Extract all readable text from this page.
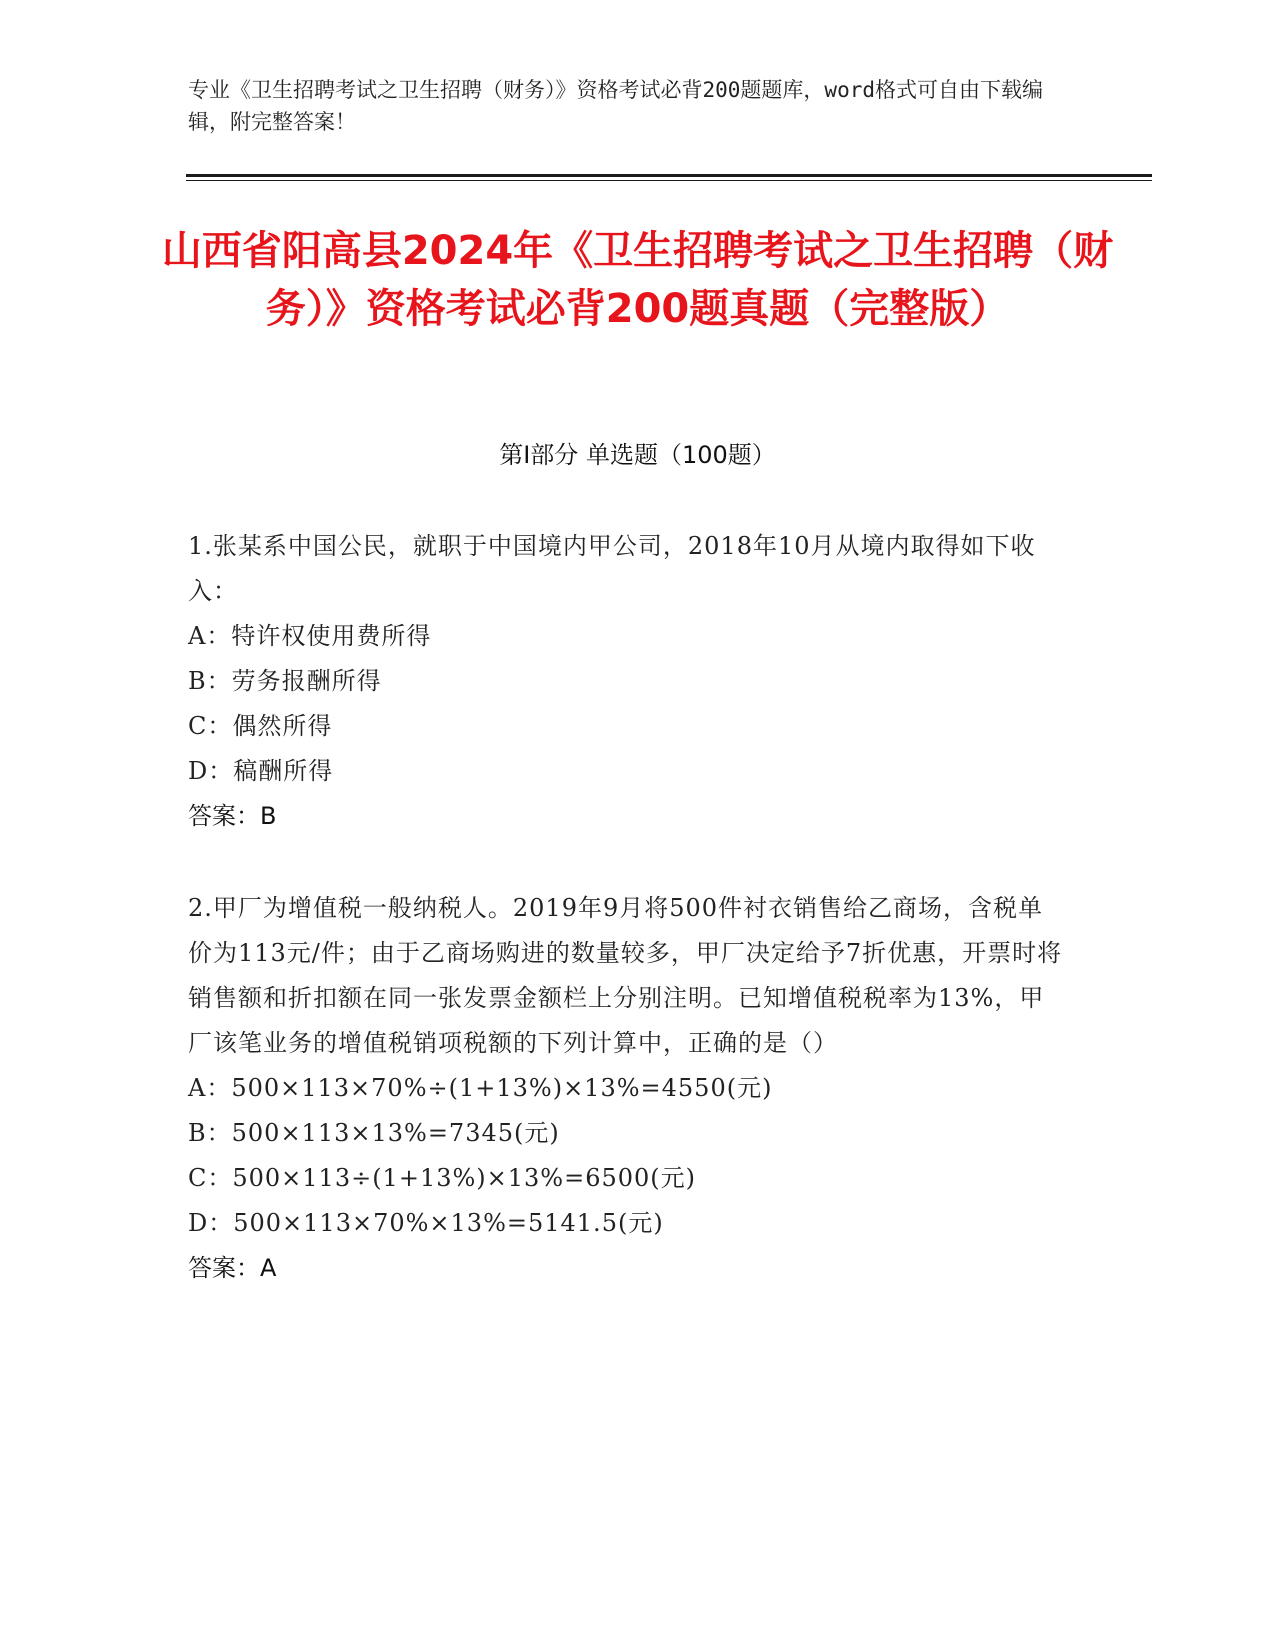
专业《卫生招聘考试之卫生招聘（财务）》资格考试必背200题题库，word格式可自由下载编辑，附完整答案！
山西省阳高县2024年《卫生招聘考试之卫生招聘（财务）》资格考试必背200题真题（完整版）
第I部分 单选题（100题）
1.张某系中国公民，就职于中国境内甲公司，2018年10月从境内取得如下收入：
A：特许权使用费所得
B：劳务报酬所得
C：偶然所得
D：稿酬所得
答案：B
2.甲厂为增值税一般纳税人。2019年9月将500件衬衣销售给乙商场，含税单价为113元/件；由于乙商场购进的数量较多，甲厂决定给予7折优惠，开票时将销售额和折扣额在同一张发票金额栏上分别注明。已知增值税税率为13%，甲厂该笔业务的增值税销项税额的下列计算中，正确的是（）
A：500×113×70%÷(1+13%)×13%=4550(元)
B：500×113×13%=7345(元)
C：500×113÷(1+13%)×13%=6500(元)
D：500×113×70%×13%=5141.5(元)
答案：A
